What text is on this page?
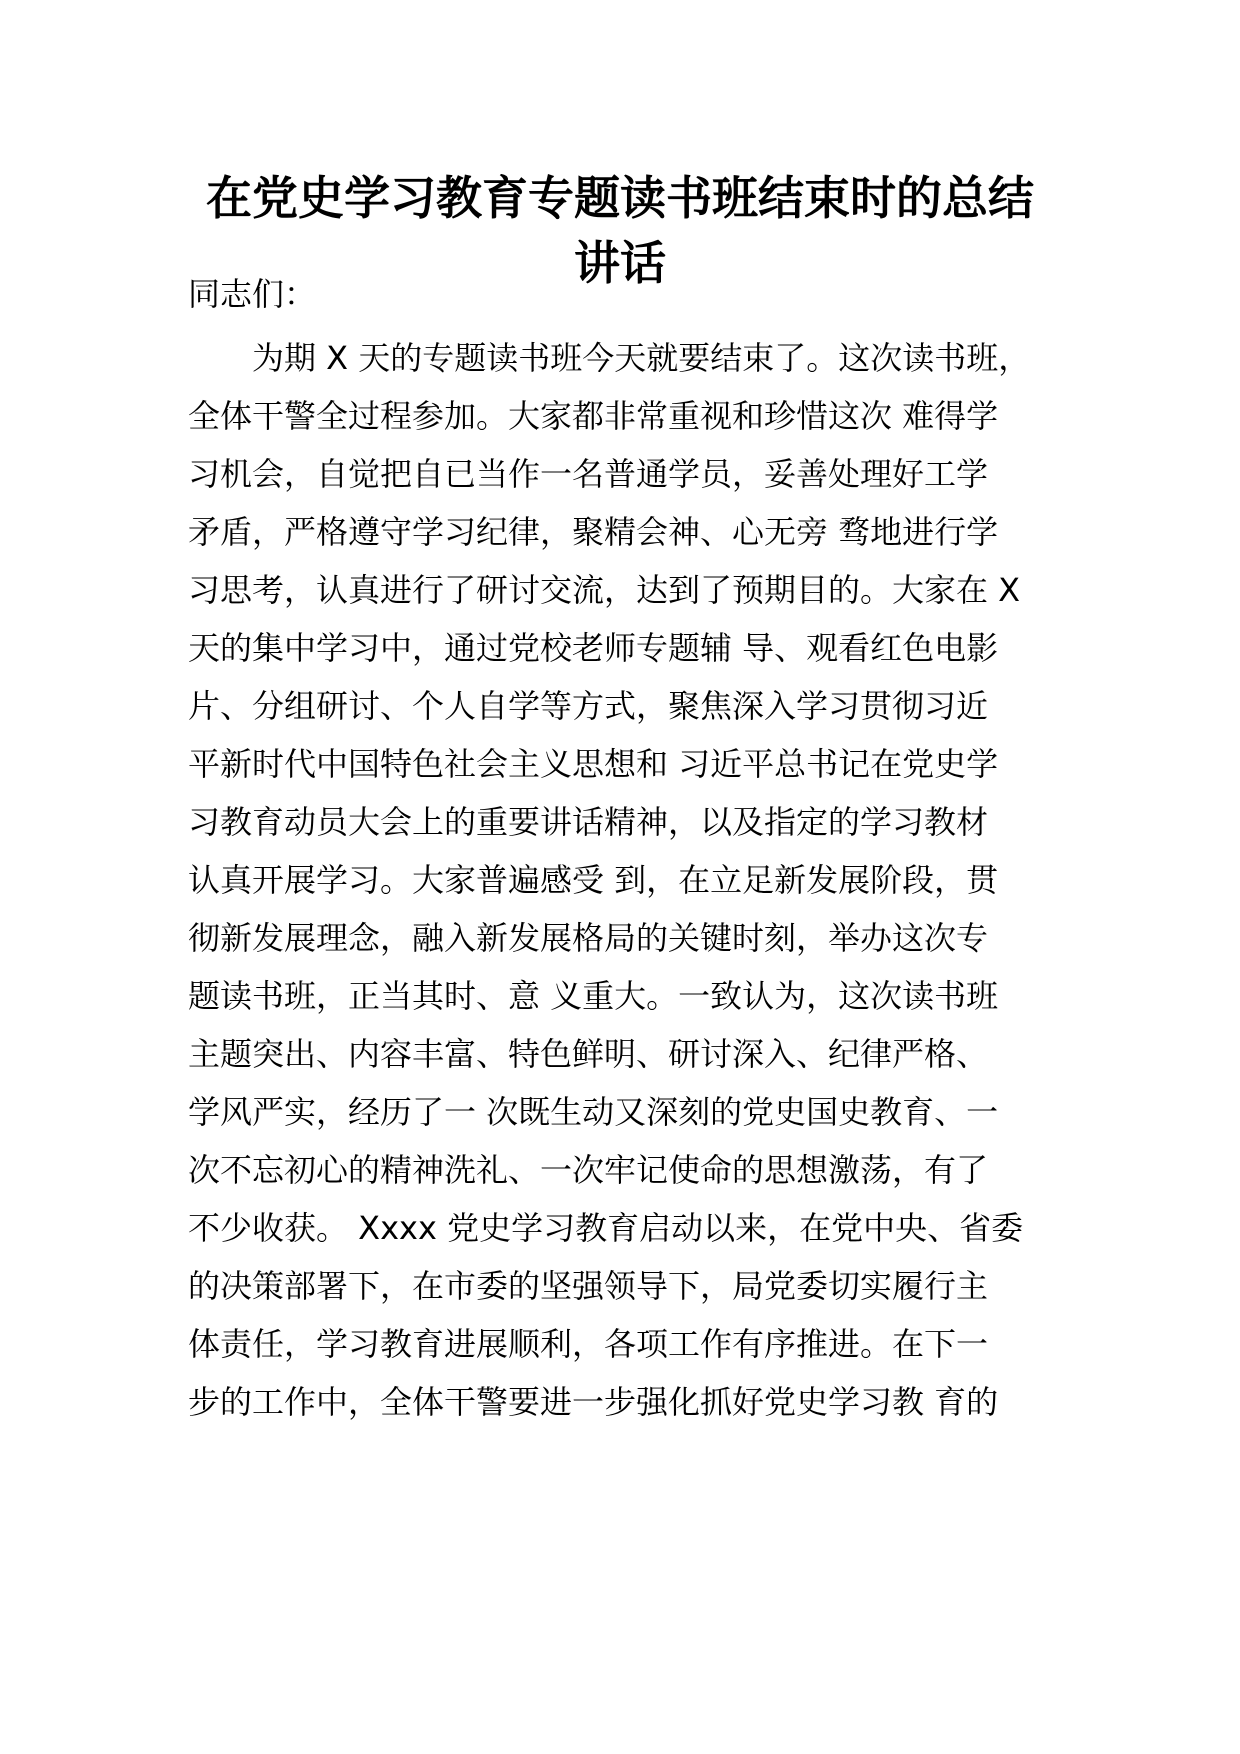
在党史学习教育专题读书班结束时的总结
讲话
同志们：
为期 X 天的专题读书班今天就要结束了。这次读书班，
全体干警全过程参加。大家都非常重视和珍惜这次 难得学
习机会，自觉把自已当作一名普通学员，妥善处理好工学
矛盾，严格遵守学习纪律，聚精会神、心无旁 骛地进行学
习思考，认真进行了研讨交流，达到了预期目的。大家在 X
天的集中学习中，通过党校老师专题辅 导、观看红色电影
片、分组研讨、个人自学等方式，聚焦深入学习贯彻习近
平新时代中国特色社会主义思想和 习近平总书记在党史学
习教育动员大会上的重要讲话精神，以及指定的学习教材
认真开展学习。大家普遍感受 到，在立足新发展阶段，贯
彻新发展理念，融入新发展格局的关键时刻，举办这次专
题读书班，正当其时、意 义重大。一致认为，这次读书班
主题突出、内容丰富、特色鲜明、研讨深入、纪律严格、
学风严实，经历了一 次既生动又深刻的党史国史教育、一
次不忘初心的精神洗礼、一次牢记使命的思想激荡，有了
不少收获。 Xxxx 党史学习教育启动以来，在党中央、省委
的决策部署下，在市委的坚强领导下，局党委切实履行主
体责任，学习教育进展顺利，各项工作有序推进。在下一
步的工作中，全体干警要进一步强化抓好党史学习教 育的
